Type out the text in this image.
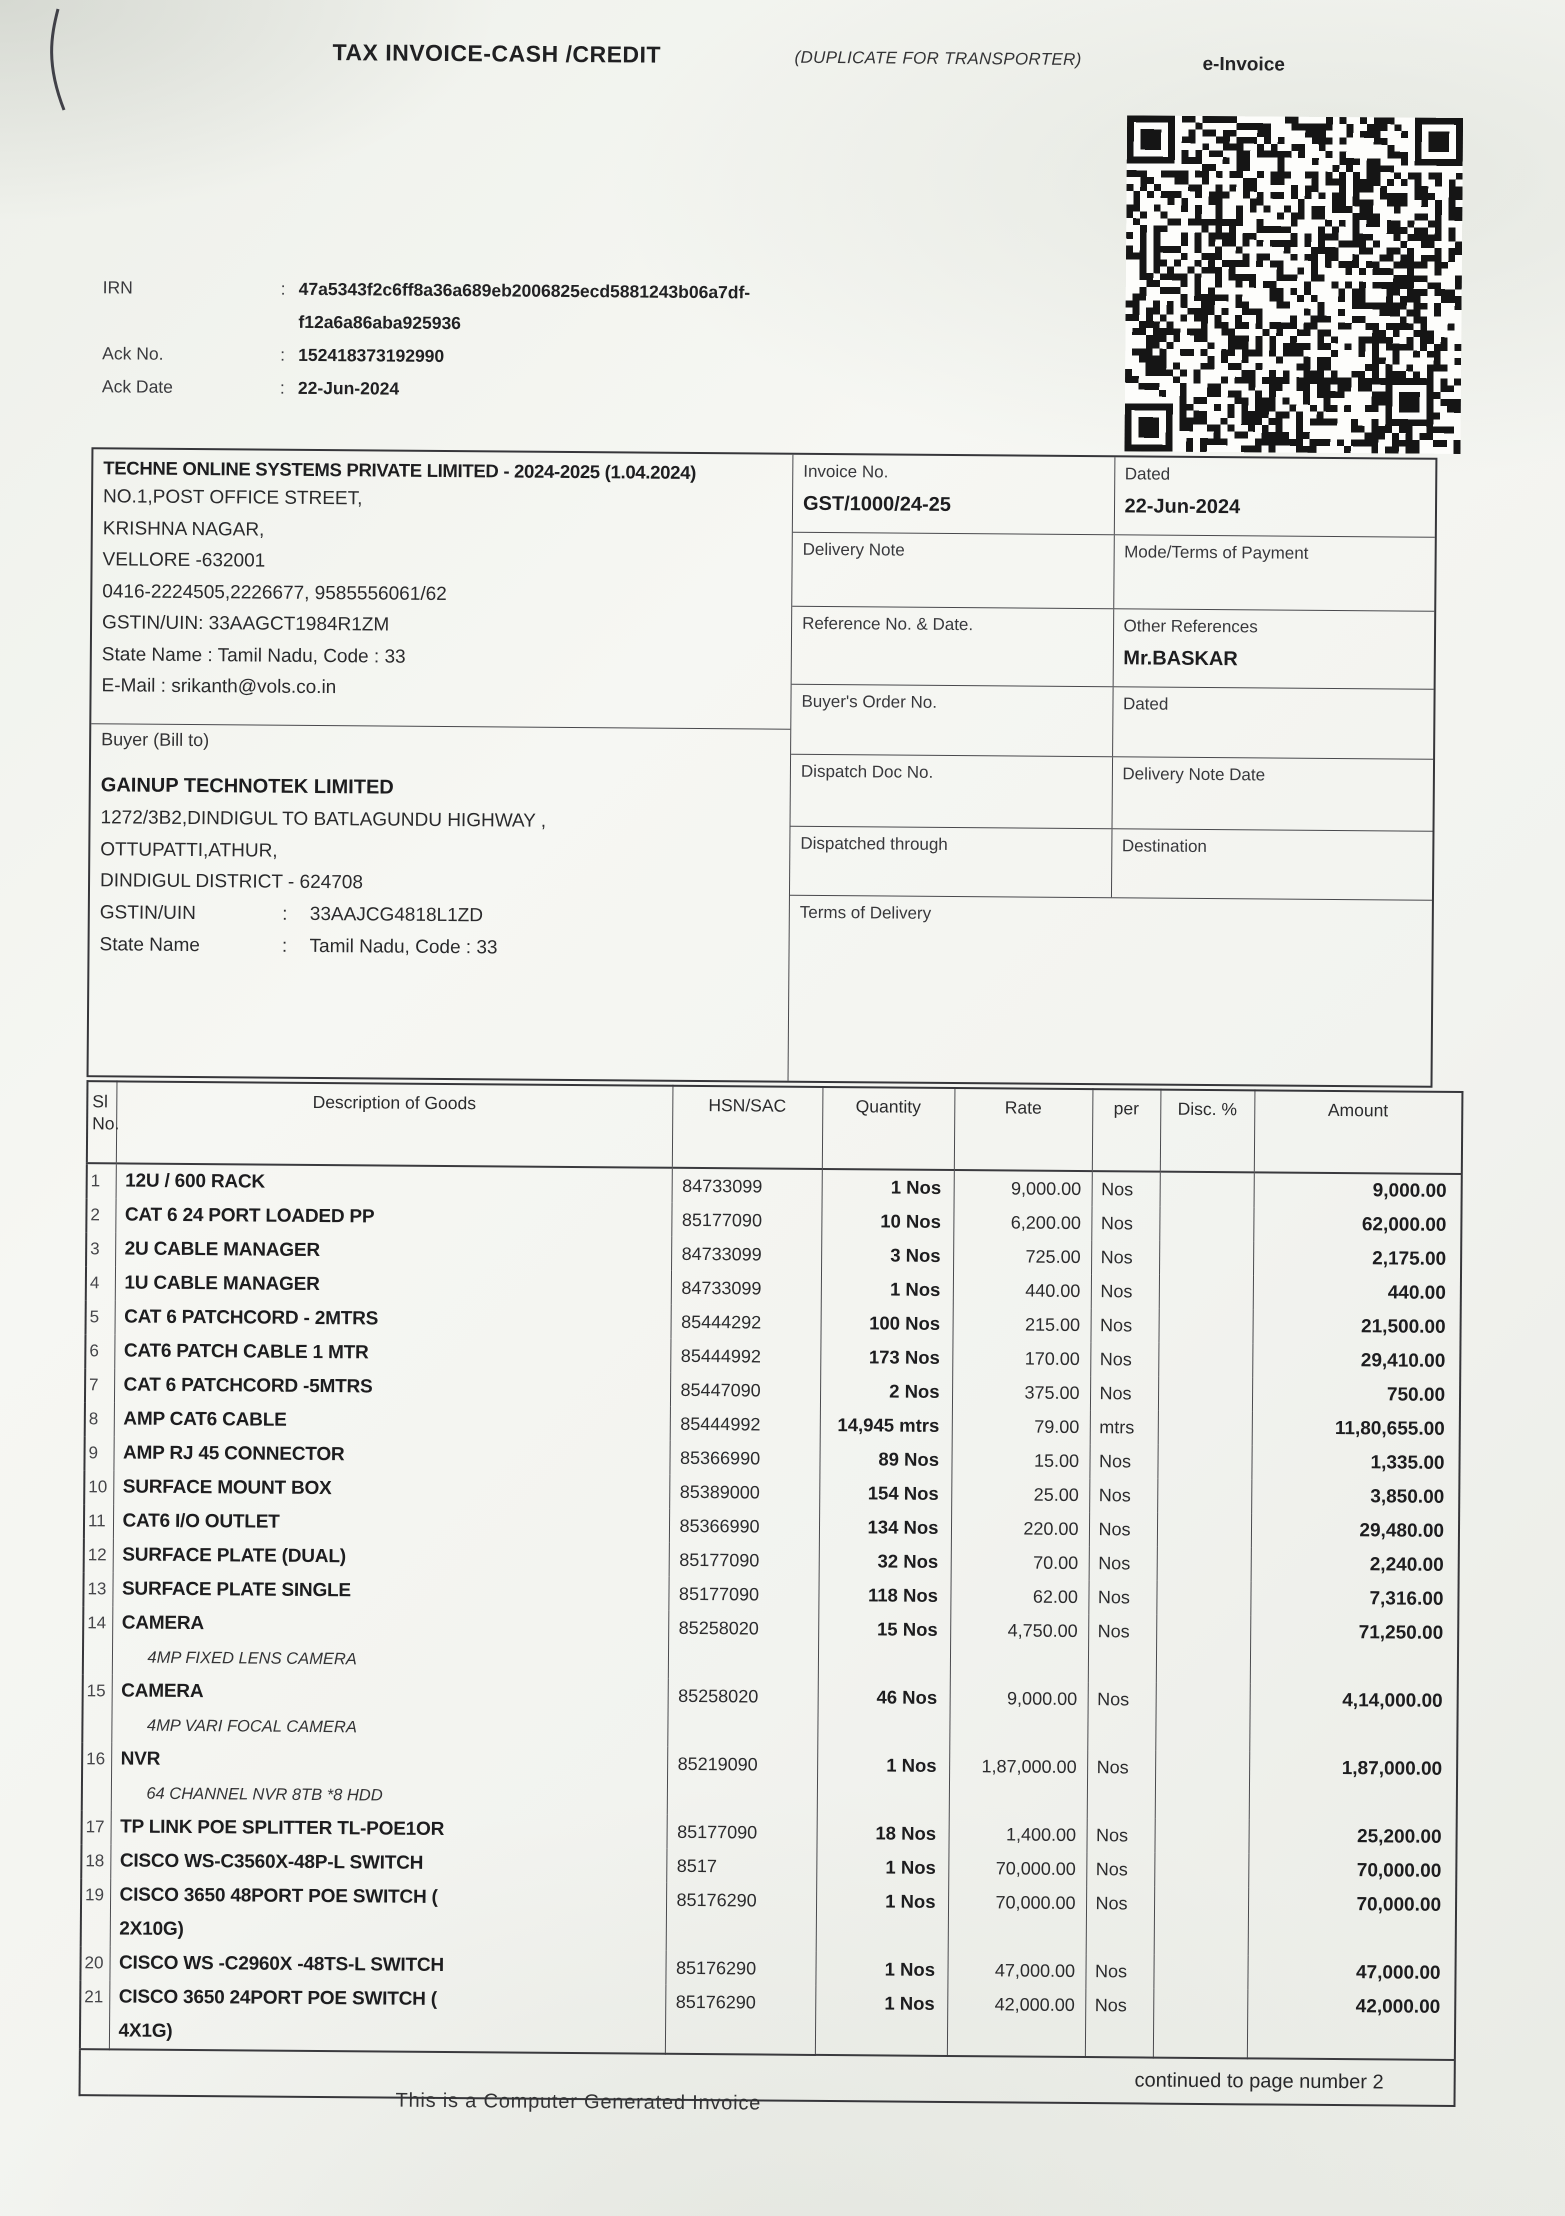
TAX INVOICE-CASH /CREDIT	(DUPLICATE FOR TRANSPORTER)	e-Invoice
IRN	: 47a5343f2c6ff8a36a689eb2006825ecd5881243b06a7df-
f12a6a86aba925936
Ack No.	: 152418373192990
Ack Date	: 22-Jun-2024
TECHNE ONLINE SYSTEMS PRIVATE LIMITED - 2024-2025 (1.04.2024)
NO.1,POST OFFICE STREET,
KRISHNA NAGAR,
VELLORE -632001
0416-2224505,2226677, 9585556061/62
GSTIN/UIN: 33AAGCT1984R1ZM
State Name : Tamil Nadu, Code : 33
E-Mail : srikanth@vols.co.in
Buyer (Bill to)
GAINUP TECHNOTEK LIMITED
1272/3B2,DINDIGUL TO BATLAGUNDU HIGHWAY ,
OTTUPATTI,ATHUR,
DINDIGUL DISTRICT - 624708
GSTIN/UIN	:	33AAJCG4818L1ZD
State Name	:	Tamil Nadu, Code : 33
Invoice No.
GST/1000/24-25
Dated
22-Jun-2024
Delivery Note	Mode/Terms of Payment
Reference No. & Date.	Other References
Mr.BASKAR
Buyer's Order No.	Dated
Dispatch Doc No.	Delivery Note Date
Dispatched through	Destination
Terms of Delivery
Sl
No.	Description of Goods	HSN/SAC	Quantity	Rate	per	Disc. %	Amount
1	12U / 600 RACK	84733099	1 Nos	9,000.00	Nos		9,000.00
2	CAT 6 24 PORT LOADED PP	85177090	10 Nos	6,200.00	Nos		62,000.00
3	2U CABLE MANAGER	84733099	3 Nos	725.00	Nos		2,175.00
4	1U CABLE MANAGER	84733099	1 Nos	440.00	Nos		440.00
5	CAT 6 PATCHCORD - 2MTRS	85444292	100 Nos	215.00	Nos		21,500.00
6	CAT6 PATCH CABLE 1 MTR	85444992	173 Nos	170.00	Nos		29,410.00
7	CAT 6 PATCHCORD -5MTRS	85447090	2 Nos	375.00	Nos		750.00
8	AMP CAT6 CABLE	85444992	14,945 mtrs	79.00	mtrs		11,80,655.00
9	AMP RJ 45 CONNECTOR	85366990	89 Nos	15.00	Nos		1,335.00
10	SURFACE MOUNT BOX	85389000	154 Nos	25.00	Nos		3,850.00
11	CAT6 I/O OUTLET	85366990	134 Nos	220.00	Nos		29,480.00
12	SURFACE PLATE (DUAL)	85177090	32 Nos	70.00	Nos		2,240.00
13	SURFACE PLATE SINGLE	85177090	118 Nos	62.00	Nos		7,316.00
14	CAMERA
4MP FIXED LENS CAMERA	85258020	15 Nos	4,750.00	Nos		71,250.00
15	CAMERA
4MP VARI FOCAL CAMERA	85258020	46 Nos	9,000.00	Nos		4,14,000.00
16	NVR
64 CHANNEL NVR 8TB *8 HDD	85219090	1 Nos	1,87,000.00	Nos		1,87,000.00
17	TP LINK POE SPLITTER TL-POE1OR	85177090	18 Nos	1,400.00	Nos		25,200.00
18	CISCO WS-C3560X-48P-L SWITCH	8517	1 Nos	70,000.00	Nos		70,000.00
19	CISCO 3650 48PORT POE SWITCH (
2X10G)	85176290	1 Nos	70,000.00	Nos		70,000.00
20	CISCO WS -C2960X -48TS-L SWITCH	85176290	1 Nos	47,000.00	Nos		47,000.00
21	CISCO 3650 24PORT POE SWITCH (
4X1G)	85176290	1 Nos	42,000.00	Nos		42,000.00
continued to page number 2							
This is a Computer Generated Invoice
